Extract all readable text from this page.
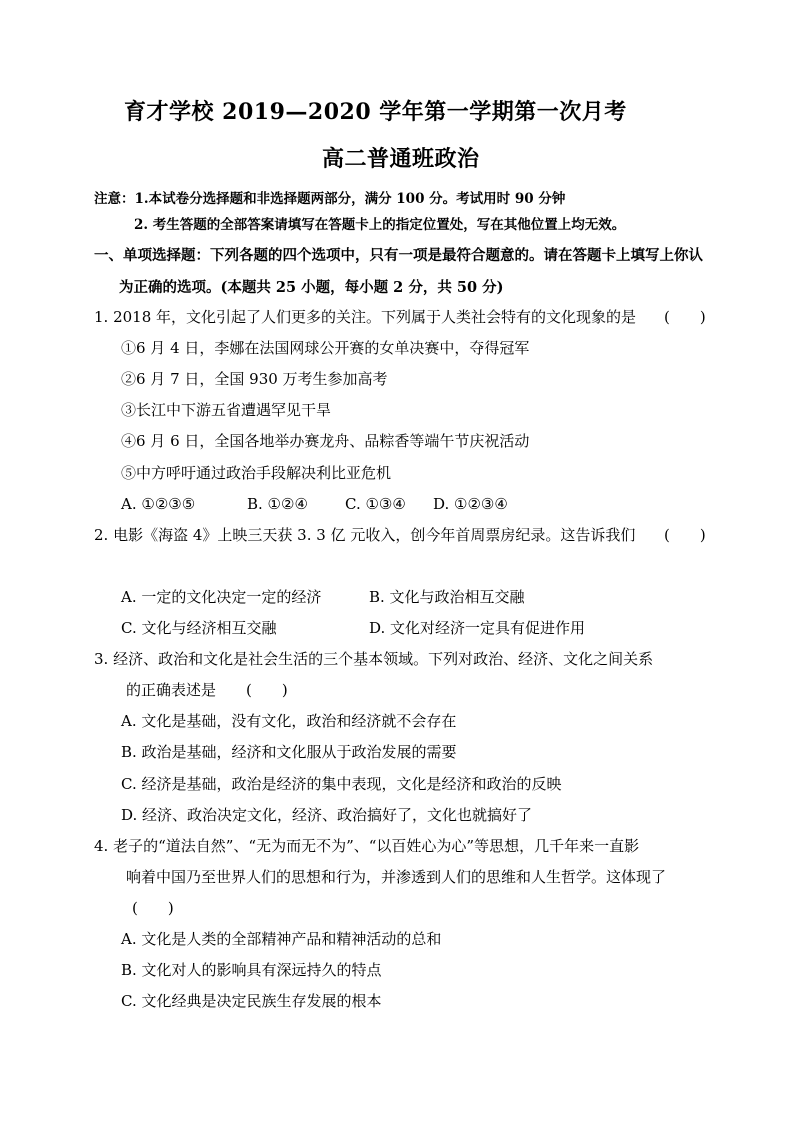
育才学校 2019—2020 学年第一学期第一次月考
高二普通班政治
注意：1.本试卷分选择题和非选择题两部分，满分 100 分。考试用时 90 分钟
2. 考生答题的全部答案请填写在答题卡上的指定位置处，写在其他位置上均无效。
一、单项选择题：下列各题的四个选项中，只有一项是最符合题意的。请在答题卡上填写上你认
为正确的选项。(本题共 25 小题，每小题 2 分，共 50 分)
1. 2018 年，文化引起了人们更多的关注。下列属于人类社会特有的文化现象的是 (　　)
①6 月 4 日，李娜在法国网球公开赛的女单决赛中，夺得冠军
②6 月 7 日，全国 930 万考生参加高考
③长江中下游五省遭遇罕见干旱
④6 月 6 日，全国各地举办赛龙舟、品粽香等端午节庆祝活动
⑤中方呼吁通过政治手段解决利比亚危机
A. ①②③⑤	B. ①②④ C. ①③④ D. ①②③④
2. 电影《海盗 4》上映三天获 3. 3 亿 元收入，创今年首周票房纪录。这告诉我们 (　　)
A. 一定的文化决定一定的经济	B. 文化与政治相互交融
C. 文化与经济相互交融	D. 文化对经济一定具有促进作用
3. 经济、政治和文化是社会生活的三个基本领域。下列对政治、经济、文化之间关系
的正确表述是　　(　　)
A. 文化是基础，没有文化，政治和经济就不会存在
B. 政治是基础，经济和文化服从于政治发展的需要
C. 经济是基础，政治是经济的集中表现，文化是经济和政治的反映
D. 经济、政治决定文化，经济、政治搞好了，文化也就搞好了
4. 老子的“道法自然”、“无为而无不为”、“以百姓心为心”等思想，几千年来一直影
响着中国乃至世界人们的思想和行为，并渗透到人们的思维和人生哲学。这体现了
(　　)
A. 文化是人类的全部精神产品和精神活动的总和
B. 文化对人的影响具有深远持久的特点
C. 文化经典是决定民族生存发展的根本
